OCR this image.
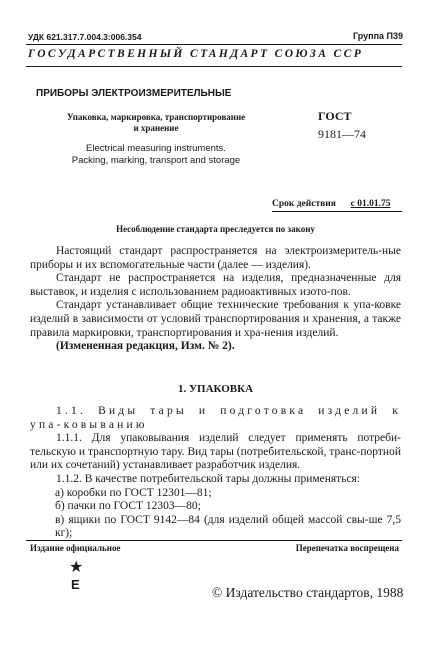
УДК 621.317.7.004.3:006.354	Группа П39
ГОСУДАРСТВЕННЫЙ СТАНДАРТ СОЮЗА ССР
ПРИБОРЫ ЭЛЕКТРОИЗМЕРИТЕЛЬНЫЕ
Упаковка, маркировка, транспортирование
и хранение
Electrical measuring instruments.
Packing, marking, transport and storage
ГОСТ
9181—74
Срок действия с 01.01.75
Несоблюдение стандарта преследуется по закону

Настоящий стандарт распространяется на электроизмеритель-ные приборы и их вспомогательные части (далее — изделия).

Стандарт не распространяется на изделия, предназначенные для выставок, и изделия с использованием радиоактивных изото-пов.

Стандарт устанавливает общие технические требования к упа-ковке изделий в зависимости от условий транспортирования и хранения, а также правила маркировки, транспортирования и хра-нения изделий.

(Измененная редакция, Изм. № 2).

1. УПАКОВКА

1.1. Виды тары и подготовка изделий к упа-ковыванию

1.1.1. Для упаковывания изделий следует применять потреби-тельскую и транспортную тару. Вид тары (потребительской, транс-портной или их сочетаний) устанавливает разработчик изделия.

1.1.2. В качестве потребительской тары должны применяться:

а) коробки по ГОСТ 12301—81;

б) пачки по ГОСТ 12303—80;

в) ящики по ГОСТ 9142—84 (для изделий общей массой свы-ше 7,5 кг);

Издание официальное	Перепечатка воспрещена
★
Е
© Издательство стандартов, 1988
